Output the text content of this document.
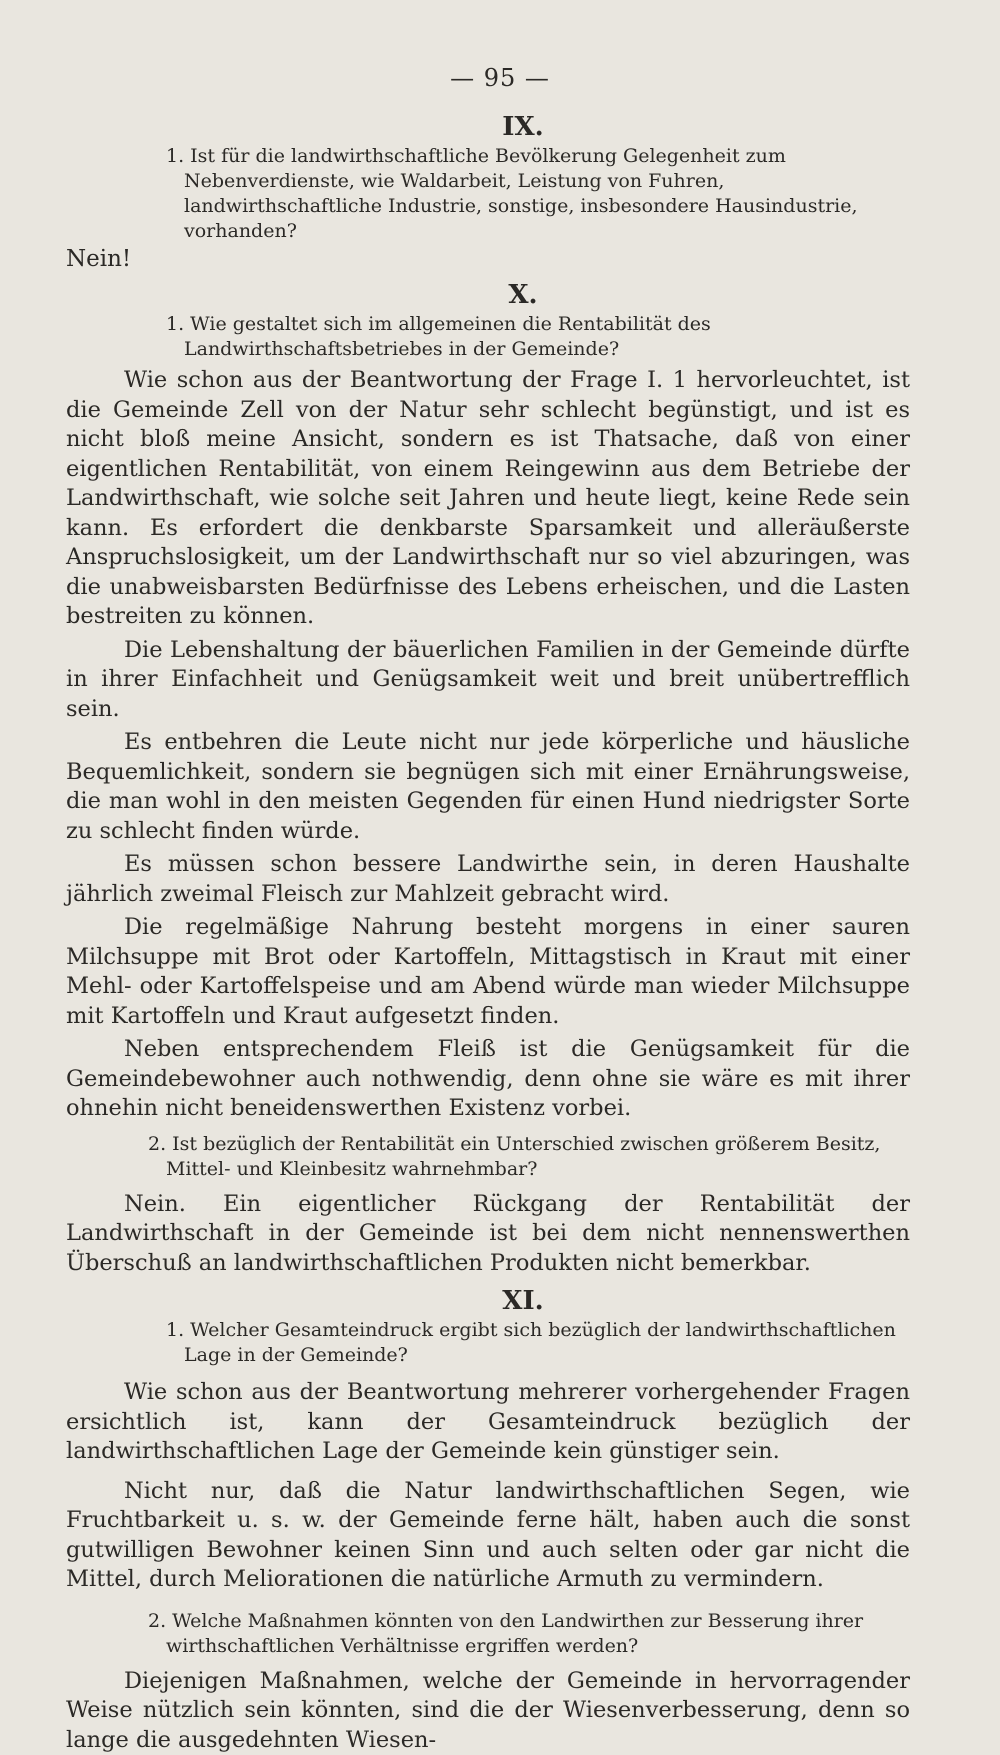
— 95 —
IX.

1. Ist für die landwirthschaftliche Bevölkerung Gelegenheit zum Nebenverdienste, wie Waldarbeit, Leistung von Fuhren, landwirthschaftliche Industrie, sonstige, insbesondere Hausindustrie, vorhanden?

Nein!

X.

1. Wie gestaltet sich im allgemeinen die Rentabilität des Landwirthschaftsbetriebes in der Gemeinde?

Wie schon aus der Beantwortung der Frage I. 1 hervorleuchtet, ist die Gemeinde Zell von der Natur sehr schlecht begünstigt, und ist es nicht bloß meine Ansicht, sondern es ist Thatsache, daß von einer eigentlichen Rentabilität, von einem Reingewinn aus dem Betriebe der Landwirthschaft, wie solche seit Jahren und heute liegt, keine Rede sein kann. Es erfordert die denkbarste Sparsamkeit und alleräußerste Anspruchslosigkeit, um der Landwirthschaft nur so viel abzuringen, was die unabweisbarsten Bedürfnisse des Lebens erheischen, und die Lasten bestreiten zu können.

Die Lebenshaltung der bäuerlichen Familien in der Gemeinde dürfte in ihrer Einfachheit und Genügsamkeit weit und breit unübertrefflich sein.

Es entbehren die Leute nicht nur jede körperliche und häusliche Bequemlichkeit, sondern sie begnügen sich mit einer Ernährungsweise, die man wohl in den meisten Gegenden für einen Hund niedrigster Sorte zu schlecht finden würde.

Es müssen schon bessere Landwirthe sein, in deren Haushalte jährlich zweimal Fleisch zur Mahlzeit gebracht wird.

Die regelmäßige Nahrung besteht morgens in einer sauren Milchsuppe mit Brot oder Kartoffeln, Mittagstisch in Kraut mit einer Mehl- oder Kartoffelspeise und am Abend würde man wieder Milchsuppe mit Kartoffeln und Kraut aufgesetzt finden.

Neben entsprechendem Fleiß ist die Genügsamkeit für die Gemeindebewohner auch nothwendig, denn ohne sie wäre es mit ihrer ohnehin nicht beneidenswerthen Existenz vorbei.

2. Ist bezüglich der Rentabilität ein Unterschied zwischen größerem Besitz, Mittel- und Kleinbesitz wahrnehmbar?

Nein. Ein eigentlicher Rückgang der Rentabilität der Landwirthschaft in der Gemeinde ist bei dem nicht nennenswerthen Überschuß an landwirthschaftlichen Produkten nicht bemerkbar.

XI.

1. Welcher Gesamteindruck ergibt sich bezüglich der landwirthschaftlichen Lage in der Gemeinde?

Wie schon aus der Beantwortung mehrerer vorhergehender Fragen ersichtlich ist, kann der Gesamteindruck bezüglich der landwirthschaftlichen Lage der Gemeinde kein günstiger sein.

Nicht nur, daß die Natur landwirthschaftlichen Segen, wie Fruchtbarkeit u. s. w. der Gemeinde ferne hält, haben auch die sonst gutwilligen Bewohner keinen Sinn und auch selten oder gar nicht die Mittel, durch Meliorationen die natürliche Armuth zu vermindern.

2. Welche Maßnahmen könnten von den Landwirthen zur Besserung ihrer wirthschaftlichen Verhältnisse ergriffen werden?

Diejenigen Maßnahmen, welche der Gemeinde in hervorragender Weise nützlich sein könnten, sind die der Wiesenverbesserung, denn so lange die ausgedehnten Wiesen-
